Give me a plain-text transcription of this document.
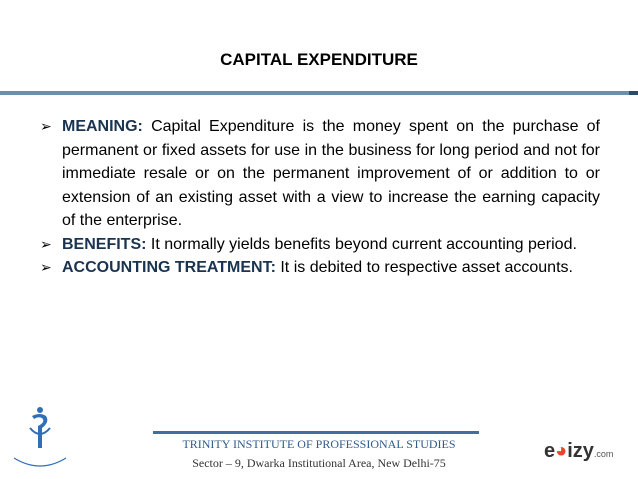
CAPITAL EXPENDITURE
➢ MEANING: Capital Expenditure is the money spent on the purchase of permanent or fixed assets for use in the business for long period and not for immediate resale or on the permanent improvement of or addition to or extension of an existing asset with a view to increase the earning capacity of the enterprise.
➢ BENEFITS: It normally yields benefits beyond current accounting period.
➢ ACCOUNTING TREATMENT: It is debited to respective asset accounts.
TRINITY INSTITUTE OF PROFESSIONAL STUDIES
Sector – 9, Dwarka Institutional Area, New Delhi-75
e◕izy.com
